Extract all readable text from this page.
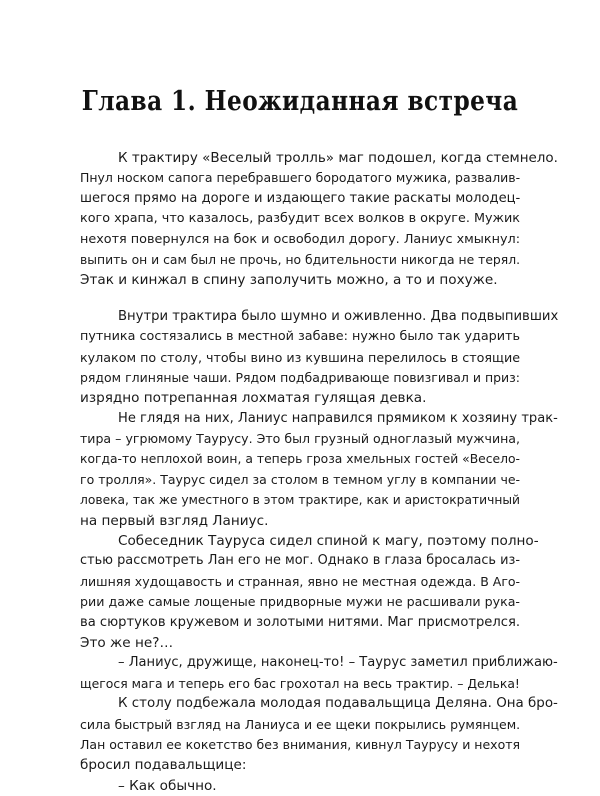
Глава 1. Неожиданная встреча
К трактиру «Веселый тролль» маг подошел, когда стемнело.
Пнул носком сапога перебравшего бородатого мужика, развалив-
шегося прямо на дороге и издающего такие раскаты молодец-
кого храпа, что казалось, разбудит всех волков в округе. Мужик
нехотя повернулся на бок и освободил дорогу. Ланиус хмыкнул:
выпить он и сам был не прочь, но бдительности никогда не терял.
Этак и кинжал в спину заполучить можно, а то и похуже.
Внутри трактира было шумно и оживленно. Два подвыпивших
путника состязались в местной забаве: нужно было так ударить
кулаком по столу, чтобы вино из кувшина перелилось в стоящие
рядом глиняные чаши. Рядом подбадривающе повизгивал и приз:
изрядно потрепанная лохматая гулящая девка.
Не глядя на них, Ланиус направился прямиком к хозяину трак-
тира – угрюмому Таурусу. Это был грузный одноглазый мужчина,
когда-то неплохой воин, а теперь гроза хмельных гостей «Весело-
го тролля». Таурус сидел за столом в темном углу в компании че-
ловека, так же уместного в этом трактире, как и аристократичный
на первый взгляд Ланиус.
Собеседник Тауруса сидел спиной к магу, поэтому полно-
стью рассмотреть Лан его не мог. Однако в глаза бросалась из-
лишняя худощавость и странная, явно не местная одежда. В Аго-
рии даже самые лощеные придворные мужи не расшивали рука-
ва сюртуков кружевом и золотыми нитями. Маг присмотрелся.
Это же не?…
– Ланиус, дружище, наконец-то! – Таурус заметил приближаю-
щегося мага и теперь его бас грохотал на весь трактир. – Делька!
К столу подбежала молодая подавальщица Деляна. Она бро-
сила быстрый взгляд на Ланиуса и ее щеки покрылись румянцем.
Лан оставил ее кокетство без внимания, кивнул Таурусу и нехотя
бросил подавальщице:
– Как обычно.
